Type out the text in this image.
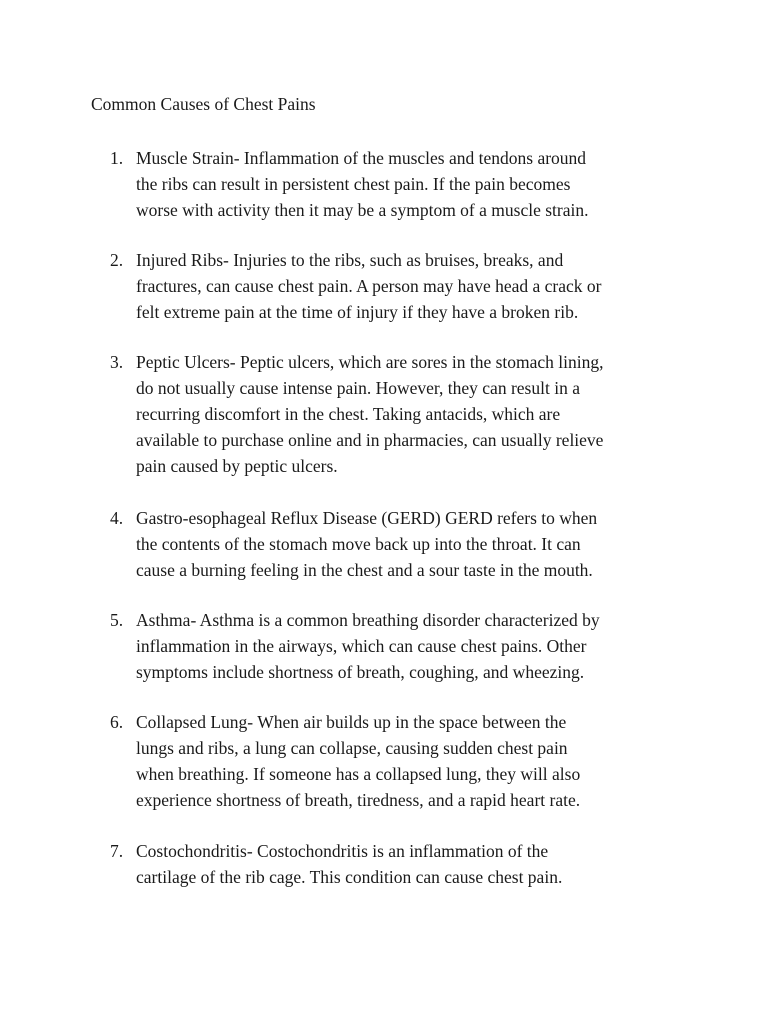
Common Causes of Chest Pains
1. Muscle Strain- Inflammation of the muscles and tendons around
the ribs can result in persistent chest pain. If the pain becomes
worse with activity then it may be a symptom of a muscle strain.
2. Injured Ribs- Injuries to the ribs, such as bruises, breaks, and
fractures, can cause chest pain. A person may have head a crack or
felt extreme pain at the time of injury if they have a broken rib.
3. Peptic Ulcers- Peptic ulcers, which are sores in the stomach lining,
do not usually cause intense pain. However, they can result in a
recurring discomfort in the chest. Taking antacids, which are
available to purchase online and in pharmacies, can usually relieve
pain caused by peptic ulcers.
4. Gastro-esophageal Reflux Disease (GERD) GERD refers to when
the contents of the stomach move back up into the throat. It can
cause a burning feeling in the chest and a sour taste in the mouth.
5. Asthma- Asthma is a common breathing disorder characterized by
inflammation in the airways, which can cause chest pains. Other
symptoms include shortness of breath, coughing, and wheezing.
6. Collapsed Lung- When air builds up in the space between the
lungs and ribs, a lung can collapse, causing sudden chest pain
when breathing. If someone has a collapsed lung, they will also
experience shortness of breath, tiredness, and a rapid heart rate.
7. Costochondritis- Costochondritis is an inflammation of the
cartilage of the rib cage. This condition can cause chest pain.
